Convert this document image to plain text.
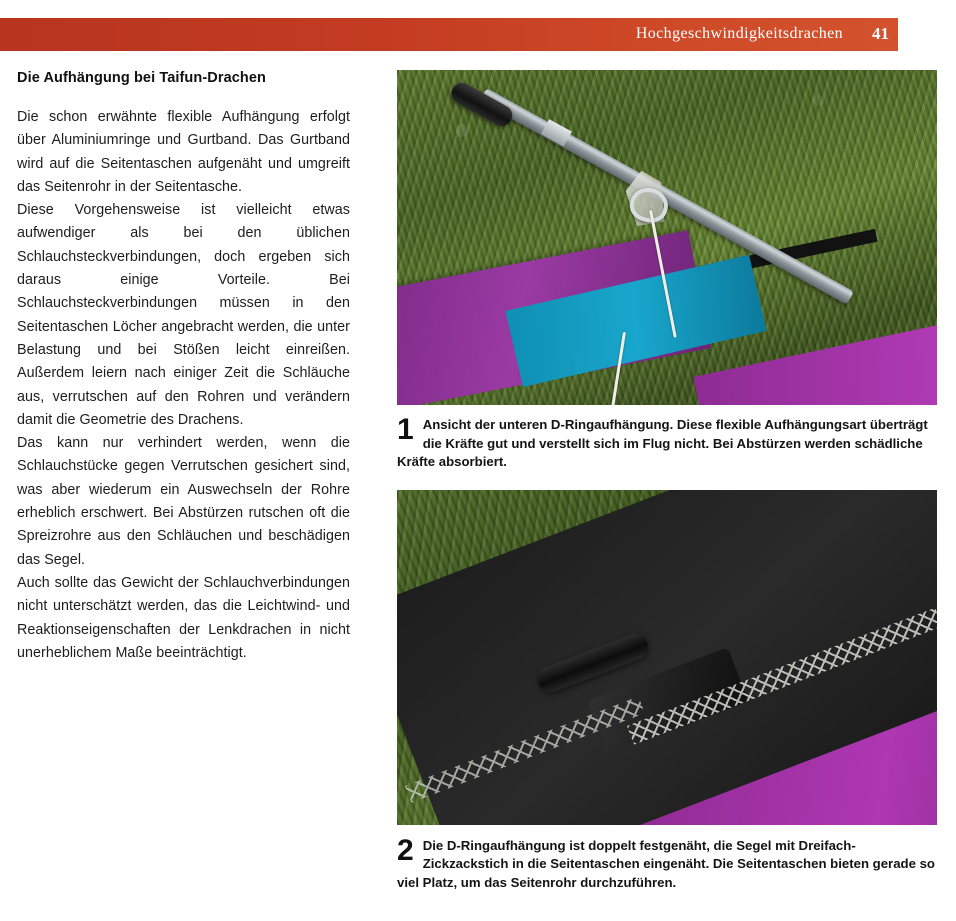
Hochgeschwindigkeitsdrachen 41
Die Aufhängung bei Taifun-Drachen

Die schon erwähnte flexible Aufhängung erfolgt über Aluminiumringe und Gurtband. Das Gurtband wird auf die Seitentaschen aufgenäht und umgreift das Seitenrohr in der Seitentasche.

Diese Vorgehensweise ist vielleicht etwas aufwendiger als bei den üblichen Schlauchsteckverbindungen, doch ergeben sich daraus einige Vorteile. Bei Schlauchsteckverbindungen müssen in den Seitentaschen Löcher angebracht werden, die unter Belastung und bei Stößen leicht einreißen. Außerdem leiern nach einiger Zeit die Schläuche aus, verrutschen auf den Rohren und verändern damit die Geometrie des Drachens.

Das kann nur verhindert werden, wenn die Schlauchstücke gegen Verrutschen gesichert sind, was aber wiederum ein Auswechseln der Rohre erheblich erschwert. Bei Abstürzen rutschen oft die Spreizrohre aus den Schläuchen und beschädigen das Segel.

Auch sollte das Gewicht der Schlauchverbindungen nicht unterschätzt werden, das die Leichtwind- und Reaktionseigenschaften der Lenkdrachen in nicht unerheblichem Maße beeinträchtigt.

1 Ansicht der unteren D-Ringaufhängung. Diese flexible Aufhängungsart überträgt die Kräfte gut und verstellt sich im Flug nicht. Bei Abstürzen werden schädliche Kräfte absorbiert.
2 Die D-Ringaufhängung ist doppelt festgenäht, die Segel mit Dreifach-Zickzackstich in die Seitentaschen eingenäht. Die Seitentaschen bieten gerade so viel Platz, um das Seitenrohr durchzuführen.
